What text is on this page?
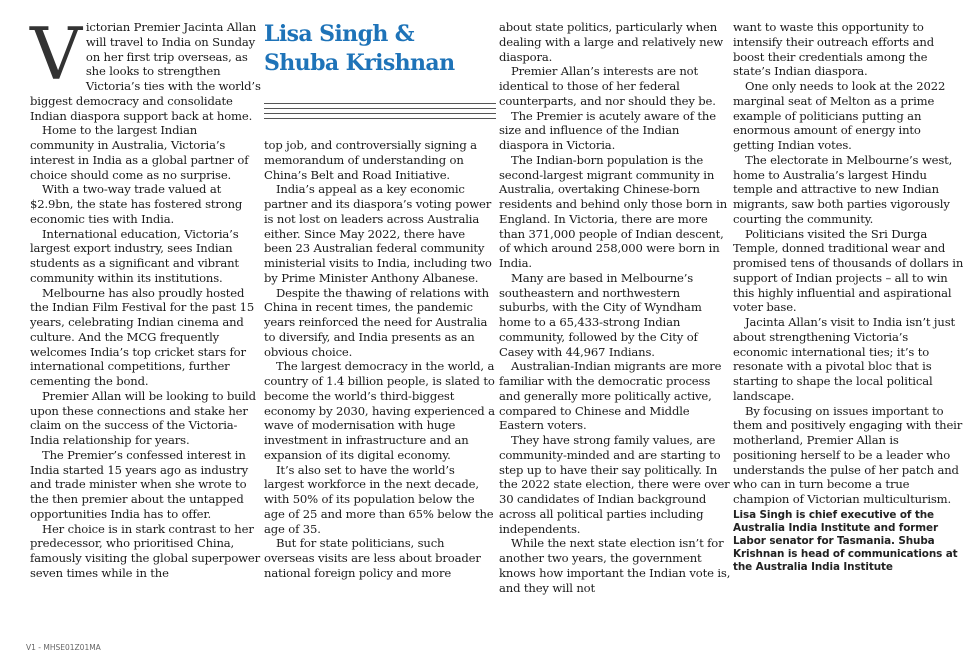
V ictorian Premier Jacinta Allan will travel to India on Sunday on her first trip overseas, as she looks to strengthen Victoria’s ties with the world’s biggest democracy and consolidate Indian diaspora support back at home.

Home to the largest Indian community in Australia, Victoria’s interest in India as a global partner of choice should come as no surprise.

With a two-way trade valued at $2.9bn, the state has fostered strong economic ties with India.

International education, Victoria’s largest export industry, sees Indian students as a significant and vibrant community within its institutions.

Melbourne has also proudly hosted the Indian Film Festival for the past 15 years, celebrating Indian cinema and culture. And the MCG frequently welcomes India’s top cricket stars for international competitions, further cementing the bond.

Premier Allan will be looking to build upon these connections and stake her claim on the success of the Victoria-India relationship for years.

The Premier’s confessed interest in India started 15 years ago as industry and trade minister when she wrote to the then premier about the untapped opportunities India has to offer.

Her choice is in stark contrast to her predecessor, who prioritised China, famously visiting the global superpower seven times while in the

Lisa Singh &
Shuba Krishnan

top job, and controversially signing a memorandum of understanding on China’s Belt and Road Initiative.

India’s appeal as a key economic partner and its diaspora’s voting power is not lost on leaders across Australia either. Since May 2022, there have been 23 Australian federal community ministerial visits to India, including two by Prime Minister Anthony Albanese.

Despite the thawing of relations with China in recent times, the pandemic years reinforced the need for Australia to diversify, and India presents as an obvious choice.

The largest democracy in the world, a country of 1.4 billion people, is slated to become the world’s third-biggest economy by 2030, having experienced a wave of modernisation with huge investment in infrastructure and an expansion of its digital economy.

It’s also set to have the world’s largest workforce in the next decade, with 50% of its population below the age of 25 and more than 65% below the age of 35.

But for state politicians, such overseas visits are less about broader national foreign policy and more

about state politics, particularly when dealing with a large and relatively new diaspora.

Premier Allan’s interests are not identical to those of her federal counterparts, and nor should they be.

The Premier is acutely aware of the size and influence of the Indian diaspora in Victoria.

The Indian-born population is the second-largest migrant community in Australia, overtaking Chinese-born residents and behind only those born in England. In Victoria, there are more than 371,000 people of Indian descent, of which around 258,000 were born in India.

Many are based in Melbourne’s southeastern and northwestern suburbs, with the City of Wyndham home to a 65,433-strong Indian community, followed by the City of Casey with 44,967 Indians.

Australian-Indian migrants are more familiar with the democratic process and generally more politically active, compared to Chinese and Middle Eastern voters.

They have strong family values, are community-minded and are starting to step up to have their say politically. In the 2022 state election, there were over 30 candidates of Indian background across all political parties including independents.

While the next state election isn’t for another two years, the government knows how important the Indian vote is, and they will not

want to waste this opportunity to intensify their outreach efforts and boost their credentials among the state’s Indian diaspora.

One only needs to look at the 2022 marginal seat of Melton as a prime example of politicians putting an enormous amount of energy into getting Indian votes.

The electorate in Melbourne’s west, home to Australia’s largest Hindu temple and attractive to new Indian migrants, saw both parties vigorously courting the community.

Politicians visited the Sri Durga Temple, donned traditional wear and promised tens of thousands of dollars in support of Indian projects – all to win this highly influential and aspirational voter base.

Jacinta Allan’s visit to India isn’t just about strengthening Victoria’s economic international ties; it’s to resonate with a pivotal bloc that is starting to shape the local political landscape.

By focusing on issues important to them and positively engaging with their motherland, Premier Allan is positioning herself to be a leader who understands the pulse of her patch and who can in turn become a true champion of Victorian multiculturism.

Lisa Singh is chief executive of the Australia India Institute and former Labor senator for Tasmania. Shuba Krishnan is head of communications at the Australia India Institute
V1 - MHSE01Z01MA
